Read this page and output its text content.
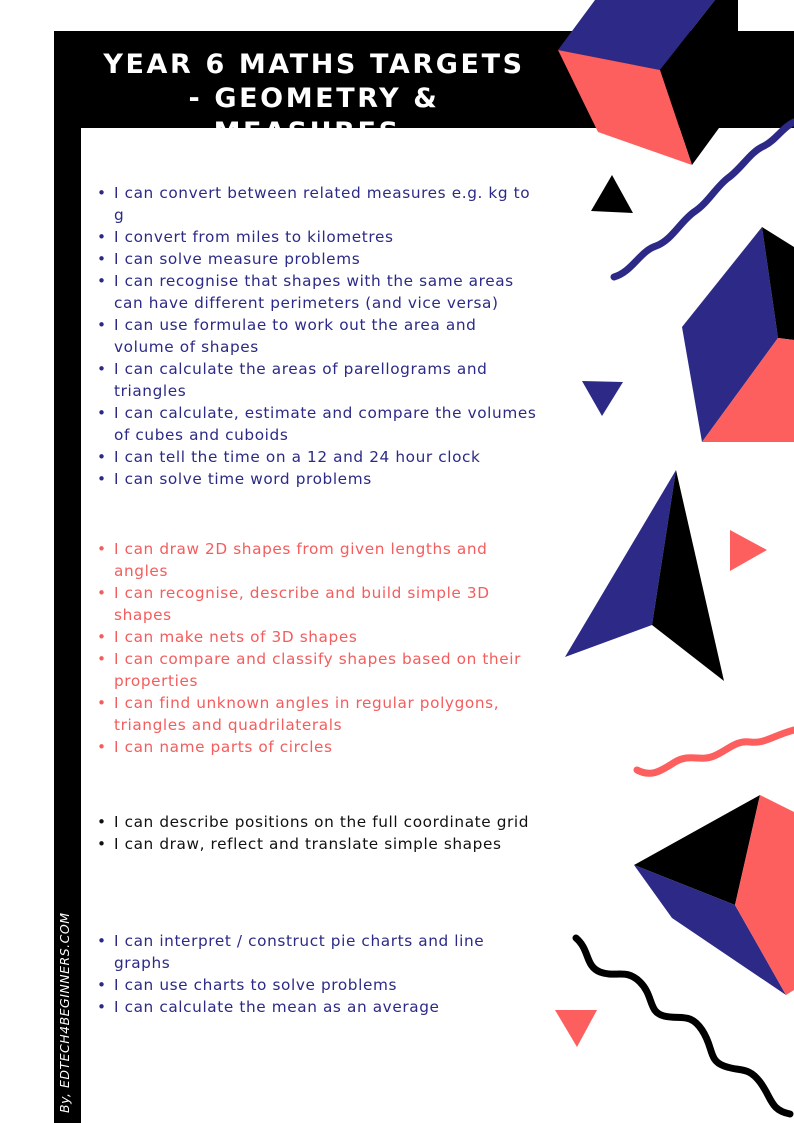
YEAR 6 MATHS TARGETS
- GEOMETRY & MEASURES-
By, EDTECH4BEGINNERS.COM
• I can convert between related measures e.g. kg to g
• I convert from miles to kilometres
• I can solve measure problems
• I can recognise that shapes with the same areas can have different perimeters (and vice versa)
• I can use formulae to work out the area and volume of shapes
• I can calculate the areas of parellograms and triangles
• I can calculate, estimate and compare the volumes of cubes and cuboids
• I can tell the time on a 12 and 24 hour clock
• I can solve time word problems
• I can draw 2D shapes from given lengths and angles
• I can recognise, describe and build simple 3D shapes
• I can make nets of 3D shapes
• I can compare and classify shapes based on their properties
• I can find unknown angles in regular polygons, triangles and quadrilaterals
• I can name parts of circles
• I can describe positions on the full coordinate grid
• I can draw, reflect and translate simple shapes
• I can interpret / construct pie charts and line graphs
• I can use charts to solve problems
• I can calculate the mean as an average
